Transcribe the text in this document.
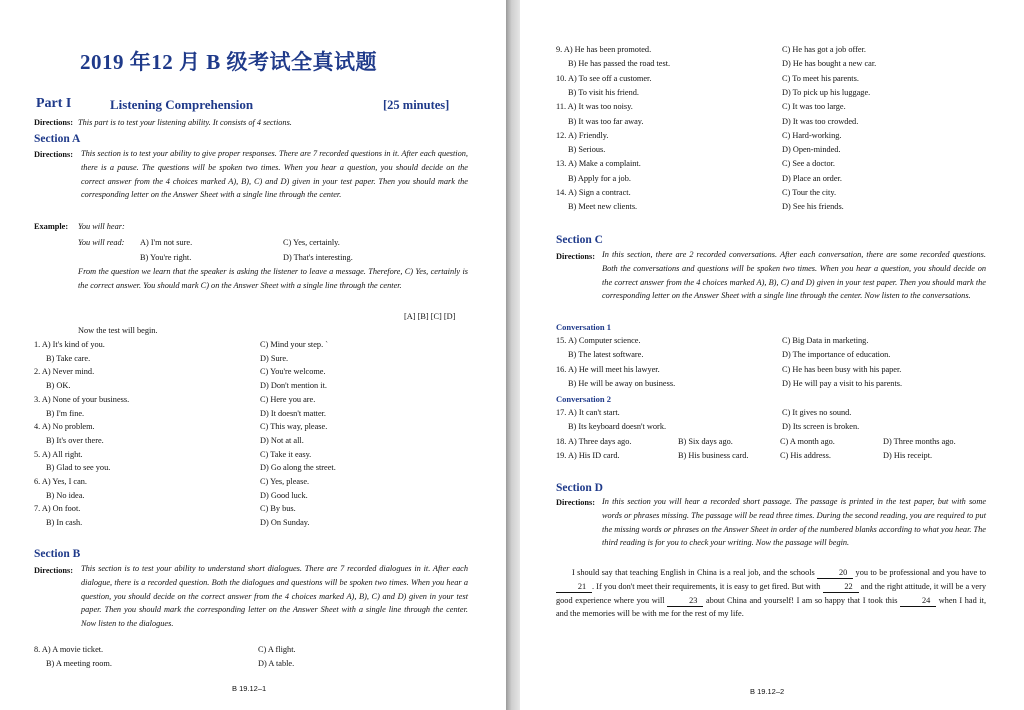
2019 年12 月 B 级考试全真试题
Part I	Listening Comprehension	[25 minutes]
Directions: This part is to test your listening ability. It consists of 4 sections.
Section A
Directions: This section is to test your ability to give proper responses. There are 7 recorded questions in it. After each question, there is a pause. The questions will be spoken two times. When you hear a question, you should decide on the correct answer from the 4 choices marked A), B), C) and D) given in your test paper. Then you should mark the corresponding letter on the Answer Sheet with a single line through the center.
Example: You will hear:
You will read: A) I'm not sure.	C) Yes, certainly.
B) You're right.	D) That's interesting.
From the question we learn that the speaker is asking the listener to leave a message. Therefore, C) Yes, certainly is the correct answer. You should mark C) on the Answer Sheet with a single line through the center.
[A] [B] [C] [D]
Now the test will begin.
1. A) It's kind of you.	C) Mind your step. `
B) Take care.	D) Sure.
2. A) Never mind.	C) You're welcome.
B) OK.	D) Don't mention it.
3. A) None of your business.	C) Here you are.
B) I'm fine.	D) It doesn't matter.
4. A) No problem.	C) This way, please.
B) It's over there.	D) Not at all.
5. A) All right.	C) Take it easy.
B) Glad to see you.	D) Go along the street.
6. A) Yes, I can.	C) Yes, please.
B) No idea.	D) Good luck.
7. A) On foot.	C) By bus.
B) In cash.	D) On Sunday.
Section B
Directions: This section is to test your ability to understand short dialogues. There are 7 recorded dialogues in it. After each dialogue, there is a recorded question. Both the dialogues and questions will be spoken two times. When you hear a question, you should decide on the correct answer from the 4 choices marked A), B), C) and D) given in your test paper. Then you should mark the corresponding letter on the Answer Sheet with a single line through the center. Now listen to the dialogues.
8. A) A movie ticket.	C) A flight.
B) A meeting room.	D) A table.
B 19.12–1
9. A) He has been promoted.	C) He has got a job offer.
B) He has passed the road test.	D) He has bought a new car.
10. A) To see off a customer.	C) To meet his parents.
B) To visit his friend.	D) To pick up his luggage.
11. A) It was too noisy.	C) It was too large.
B) It was too far away.	D) It was too crowded.
12. A) Friendly.	C) Hard-working.
B) Serious.	D) Open-minded.
13. A) Make a complaint.	C) See a doctor.
B) Apply for a job.	D) Place an order.
14. A) Sign a contract.	C) Tour the city.
B) Meet new clients.	D) See his friends.
Section C
Directions: In this section, there are 2 recorded conversations. After each conversation, there are some recorded questions. Both the conversations and questions will be spoken two times. When you hear a question, you should decide on the correct answer from the 4 choices marked A), B), C) and D) given in your test paper. Then you should mark the corresponding letter on the Answer Sheet with a single line through the center. Now listen to the conversations.
Conversation 1
15. A) Computer science.	C) Big Data in marketing.
B) The latest software.	D) The importance of education.
16. A) He will meet his lawyer.	C) He has been busy with his paper.
B) He will be away on business.	D) He will pay a visit to his parents.
Conversation 2
17. A) It can't start.	C) It gives no sound.
B) Its keyboard doesn't work.	D) Its screen is broken.
18. A) Three days ago.	B) Six days ago.	C) A month ago.	D) Three months ago.
19. A) His ID card.	B) His business card.	C) His address.	D) His receipt.
Section D
Directions: In this section you will hear a recorded short passage. The passage is printed in the test paper, but with some words or phrases missing. The passage will be read three times. During the second reading, you are required to put the missing words or phrases on the Answer Sheet in order of the numbered blanks according to what you hear. The third reading is for you to check your writing. Now the passage will begin.
I should say that teaching English in China is a real job, and the schools	20 you to be professional and you have to 21 . If you don't meet their requirements, it is easy to get fired. But with	22 and the right attitude, it will be a very good experience where you will	23 about China and yourself! I am so happy that I took this	24 when I had it, and the memories will be with me for the rest of my life.
B 19.12–2
